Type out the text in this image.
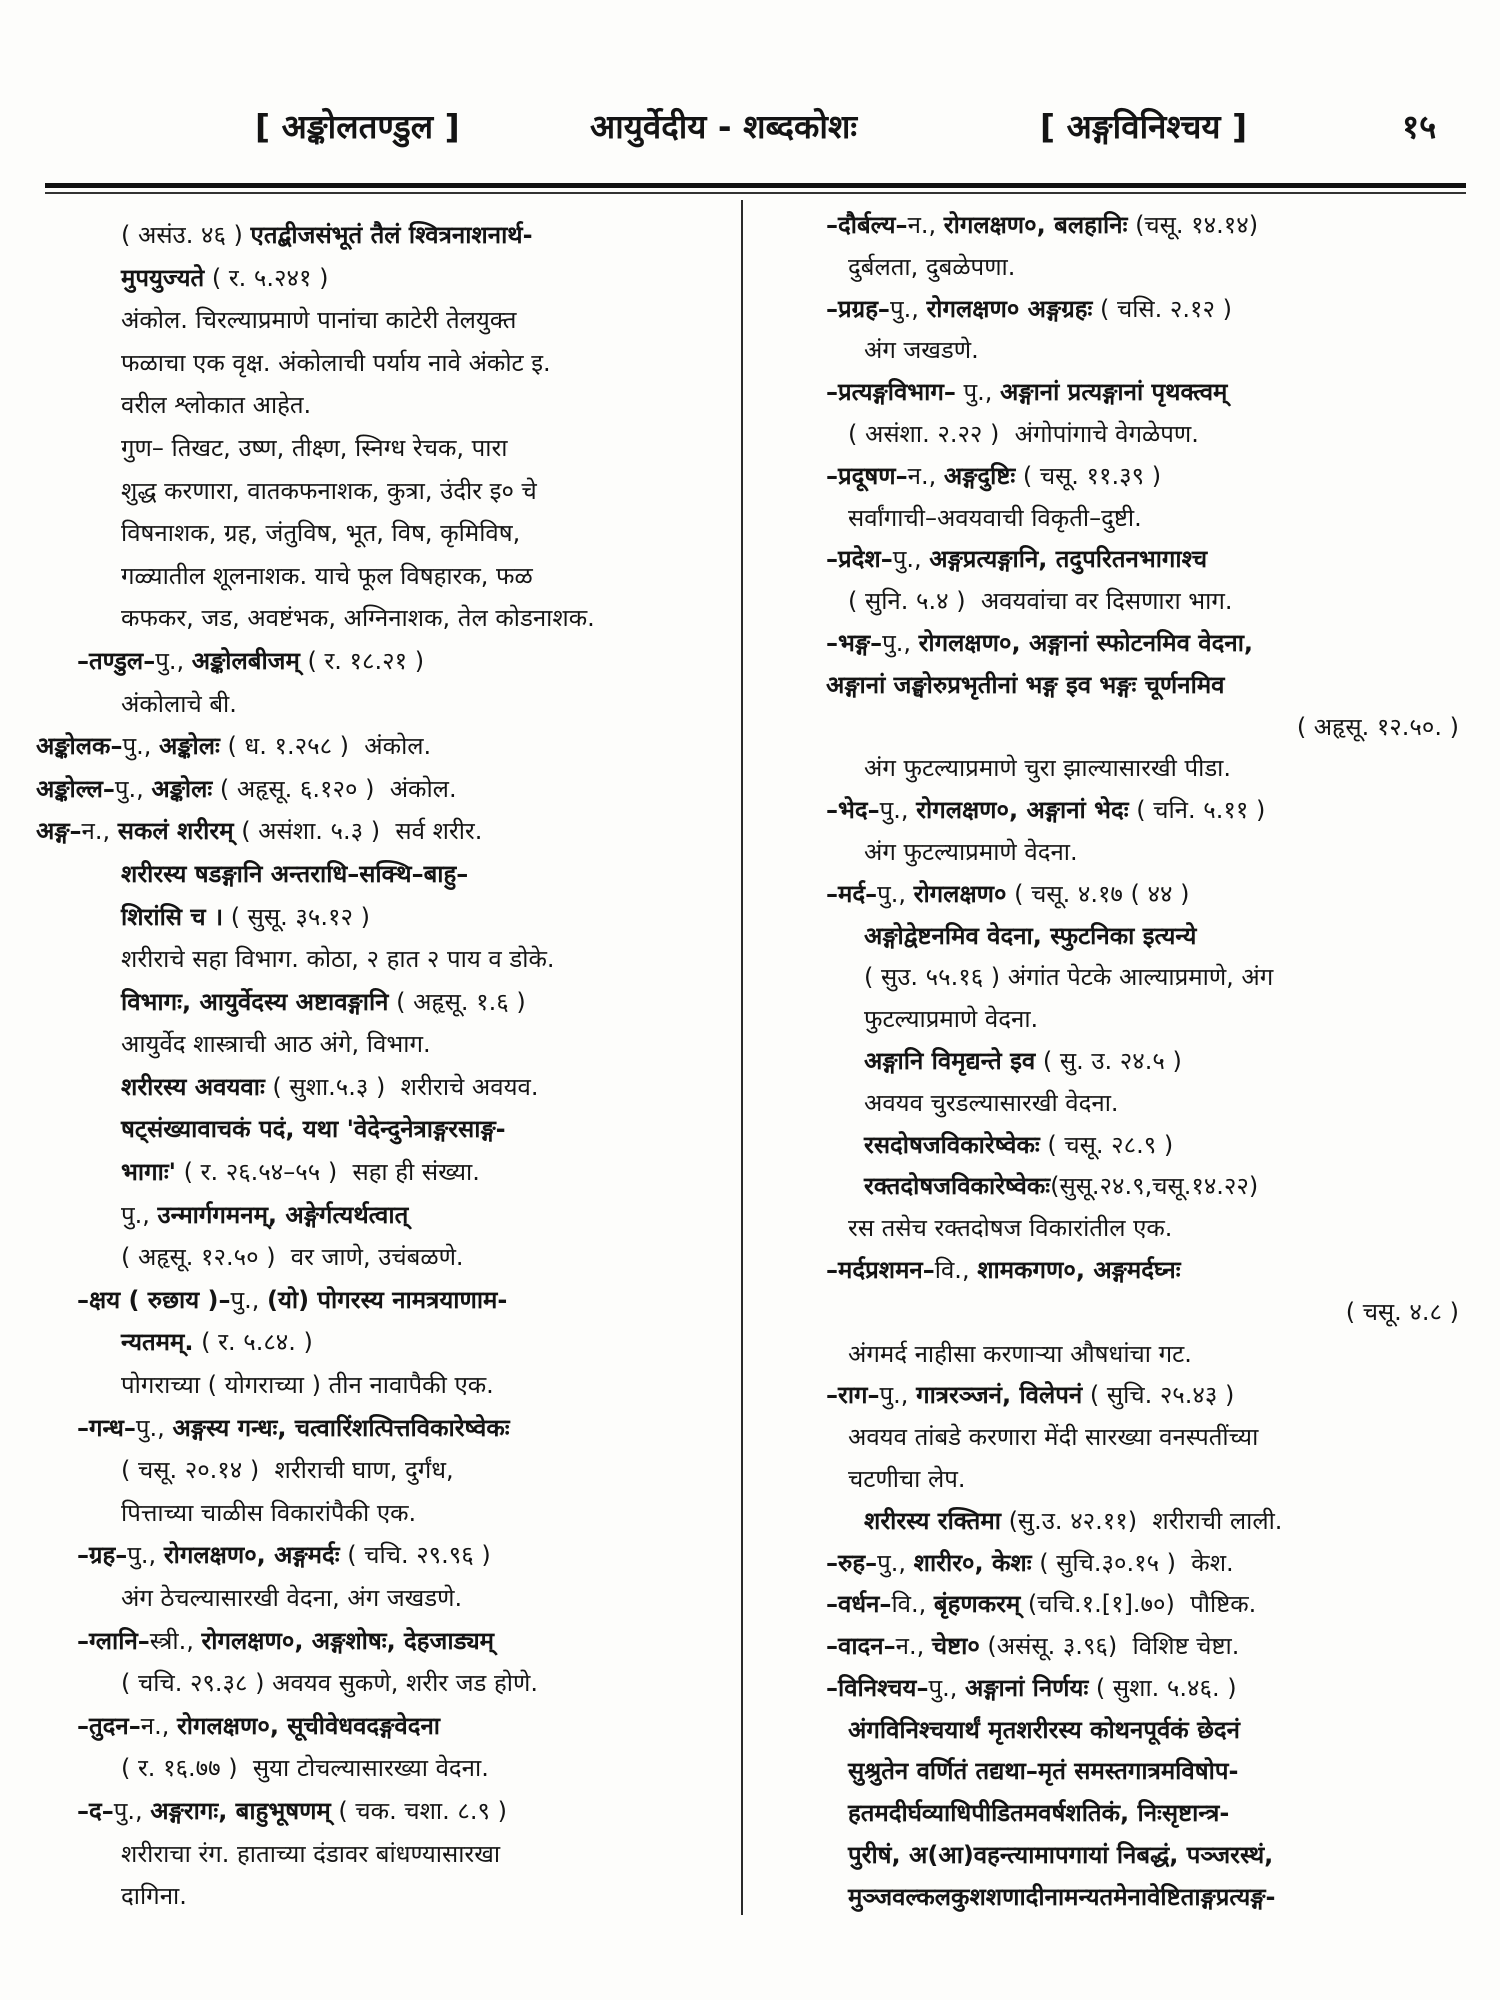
[ अङ्कोलतण्डुल ]	आयुर्वेदीय - शब्दकोशः	[ अङ्गविनिश्चय ]	१५
( असंउ. ४६ ) एतद्बीजसंभूतं तैलं श्वित्रनाशनार्थ-
मुपयुज्यते ( र. ५.२४१ )
अंकोल. चिरल्याप्रमाणे पानांचा काटेरी तेलयुक्त
फळाचा एक वृक्ष. अंकोलाची पर्याय नावे अंकोट इ.
वरील श्लोकात आहेत.
गुण– तिखट, उष्ण, तीक्ष्ण, स्निग्ध रेचक, पारा
शुद्ध करणारा, वातकफनाशक, कुत्रा, उंदीर इ० चे
विषनाशक, ग्रह, जंतुविष, भूत, विष, कृमिविष,
गळ्यातील शूलनाशक. याचे फूल विषहारक, फळ
कफकर, जड, अवष्टंभक, अग्निनाशक, तेल कोडनाशक.
–तण्डुल–पु., अङ्कोलबीजम् ( र. १८.२१ )
अंकोलाचे बी.
अङ्कोलक–पु., अङ्कोलः ( ध. १.२५८ )  अंकोल.
अङ्कोल्ल–पु., अङ्कोलः ( अहृसू. ६.१२० )  अंकोल.
अङ्ग–न., सकलं शरीरम् ( असंशा. ५.३ )  सर्व शरीर.
शरीरस्य षडङ्गानि अन्तराधि–सक्थि–बाहु–
शिरांसि च । ( सुसू. ३५.१२ )
शरीराचे सहा विभाग. कोठा, २ हात २ पाय व डोके.
विभागः, आयुर्वेदस्य अष्टावङ्गानि ( अहृसू. १.६ )
आयुर्वेद शास्त्राची आठ अंगे, विभाग.
शरीरस्य अवयवाः ( सुशा.५.३ )  शरीराचे अवयव.
षट्संख्यावाचकं पदं, यथा 'वेदेन्दुनेत्राङ्गरसाङ्ग-
भागाः' ( र. २६.५४–५५ )  सहा ही संख्या.
पु., उन्मार्गगमनम्, अङ्गेर्गत्यर्थत्वात्
( अहृसू. १२.५० )  वर जाणे, उचंबळणे.
–क्षय ( रुछाय )–पु., (यो) पोगरस्य नामत्रयाणाम-
न्यतमम्. ( र. ५.८४. )
पोगराच्या ( योगराच्या ) तीन नावापैकी एक.
–गन्ध–पु., अङ्गस्य गन्धः, चत्वारिंशत्पित्तविकारेष्वेकः
( चसू. २०.१४ )  शरीराची घाण, दुर्गंध,
पित्ताच्या चाळीस विकारांपैकी एक.
–ग्रह–पु., रोगलक्षण०, अङ्गमर्दः ( चचि. २९.९६ )
अंग ठेचल्यासारखी वेदना, अंग जखडणे.
–ग्लानि–स्त्री., रोगलक्षण०, अङ्गशोषः, देहजाड्यम्
( चचि. २९.३८ ) अवयव सुकणे, शरीर जड होणे.
–तुदन–न., रोगलक्षण०, सूचीवेधवदङ्गवेदना
( र. १६.७७ )  सुया टोचल्यासारख्या वेदना.
–द–पु., अङ्गरागः, बाहुभूषणम् ( चक. चशा. ८.९ )
शरीराचा रंग. हाताच्या दंडावर बांधण्यासारखा
दागिना.
–दौर्बल्य–न., रोगलक्षण०, बलहानिः (चसू. १४.१४)
दुर्बलता, दुबळेपणा.
–प्रग्रह–पु., रोगलक्षण० अङ्गग्रहः ( चसि. २.१२ )
अंग जखडणे.
–प्रत्यङ्गविभाग– पु., अङ्गानां प्रत्यङ्गानां पृथक्त्वम्
( असंशा. २.२२ )  अंगोपांगाचे वेगळेपण.
–प्रदूषण–न., अङ्गदुष्टिः ( चसू. ११.३९ )
सर्वांगाची–अवयवाची विकृती–दुष्टी.
–प्रदेश–पु., अङ्गप्रत्यङ्गानि, तदुपरितनभागाश्च
( सुनि. ५.४ )  अवयवांचा वर दिसणारा भाग.
–भङ्ग–पु., रोगलक्षण०, अङ्गानां स्फोटनमिव वेदना,
अङ्गानां जङ्घोरुप्रभृतीनां भङ्ग इव भङ्गः चूर्णनमिव
( अहृसू. १२.५०. )
अंग फुटल्याप्रमाणे चुरा झाल्यासारखी पीडा.
–भेद–पु., रोगलक्षण०, अङ्गानां भेदः ( चनि. ५.११ )
अंग फुटल्याप्रमाणे वेदना.
–मर्द–पु., रोगलक्षण० ( चसू. ४.१७ ( ४४ )
अङ्गोद्वेष्टनमिव वेदना, स्फुटनिका इत्यन्ये
( सुउ. ५५.१६ ) अंगांत पेटके आल्याप्रमाणे, अंग
फुटल्याप्रमाणे वेदना.
अङ्गानि विमृद्यन्ते इव ( सु. उ. २४.५ )
अवयव चुरडल्यासारखी वेदना.
रसदोषजविकारेष्वेकः ( चसू. २८.९ )
रक्तदोषजविकारेष्वेकः(सुसू.२४.९,चसू.१४.२२)
रस तसेच रक्तदोषज विकारांतील एक.
–मर्दप्रशमन–वि., शामकगण०, अङ्गमर्दघ्नः
( चसू. ४.८ )
अंगमर्द नाहीसा करणाऱ्या औषधांचा गट.
–राग–पु., गात्ररञ्जनं, विलेपनं ( सुचि. २५.४३ )
अवयव तांबडे करणारा मेंदी सारख्या वनस्पतींच्या
चटणीचा लेप.
शरीरस्य रक्तिमा (सु.उ. ४२.११)  शरीराची लाली.
–रुह–पु., शारीर०, केशः ( सुचि.३०.१५ )  केश.
–वर्धन–वि., बृंहणकरम् (चचि.१.[१].७०)  पौष्टिक.
–वादन–न., चेष्टा० (असंसू. ३.९६)  विशिष्ट चेष्टा.
–विनिश्चय–पु., अङ्गानां निर्णयः ( सुशा. ५.४६. )
अंगविनिश्चयार्थं मृतशरीरस्य कोथनपूर्वकं छेदनं
सुश्रुतेन वर्णितं तद्यथा–मृतं समस्तगात्रमविषोप-
हतमदीर्घव्याधिपीडितमवर्षशतिकं, निःसृष्टान्त्र-
पुरीषं, अ(आ)वहन्त्यामापगायां निबद्धं, पञ्जरस्थं,
मुञ्जवल्कलकुशशणादीनामन्यतमेनावेष्टिताङ्गप्रत्यङ्ग-
